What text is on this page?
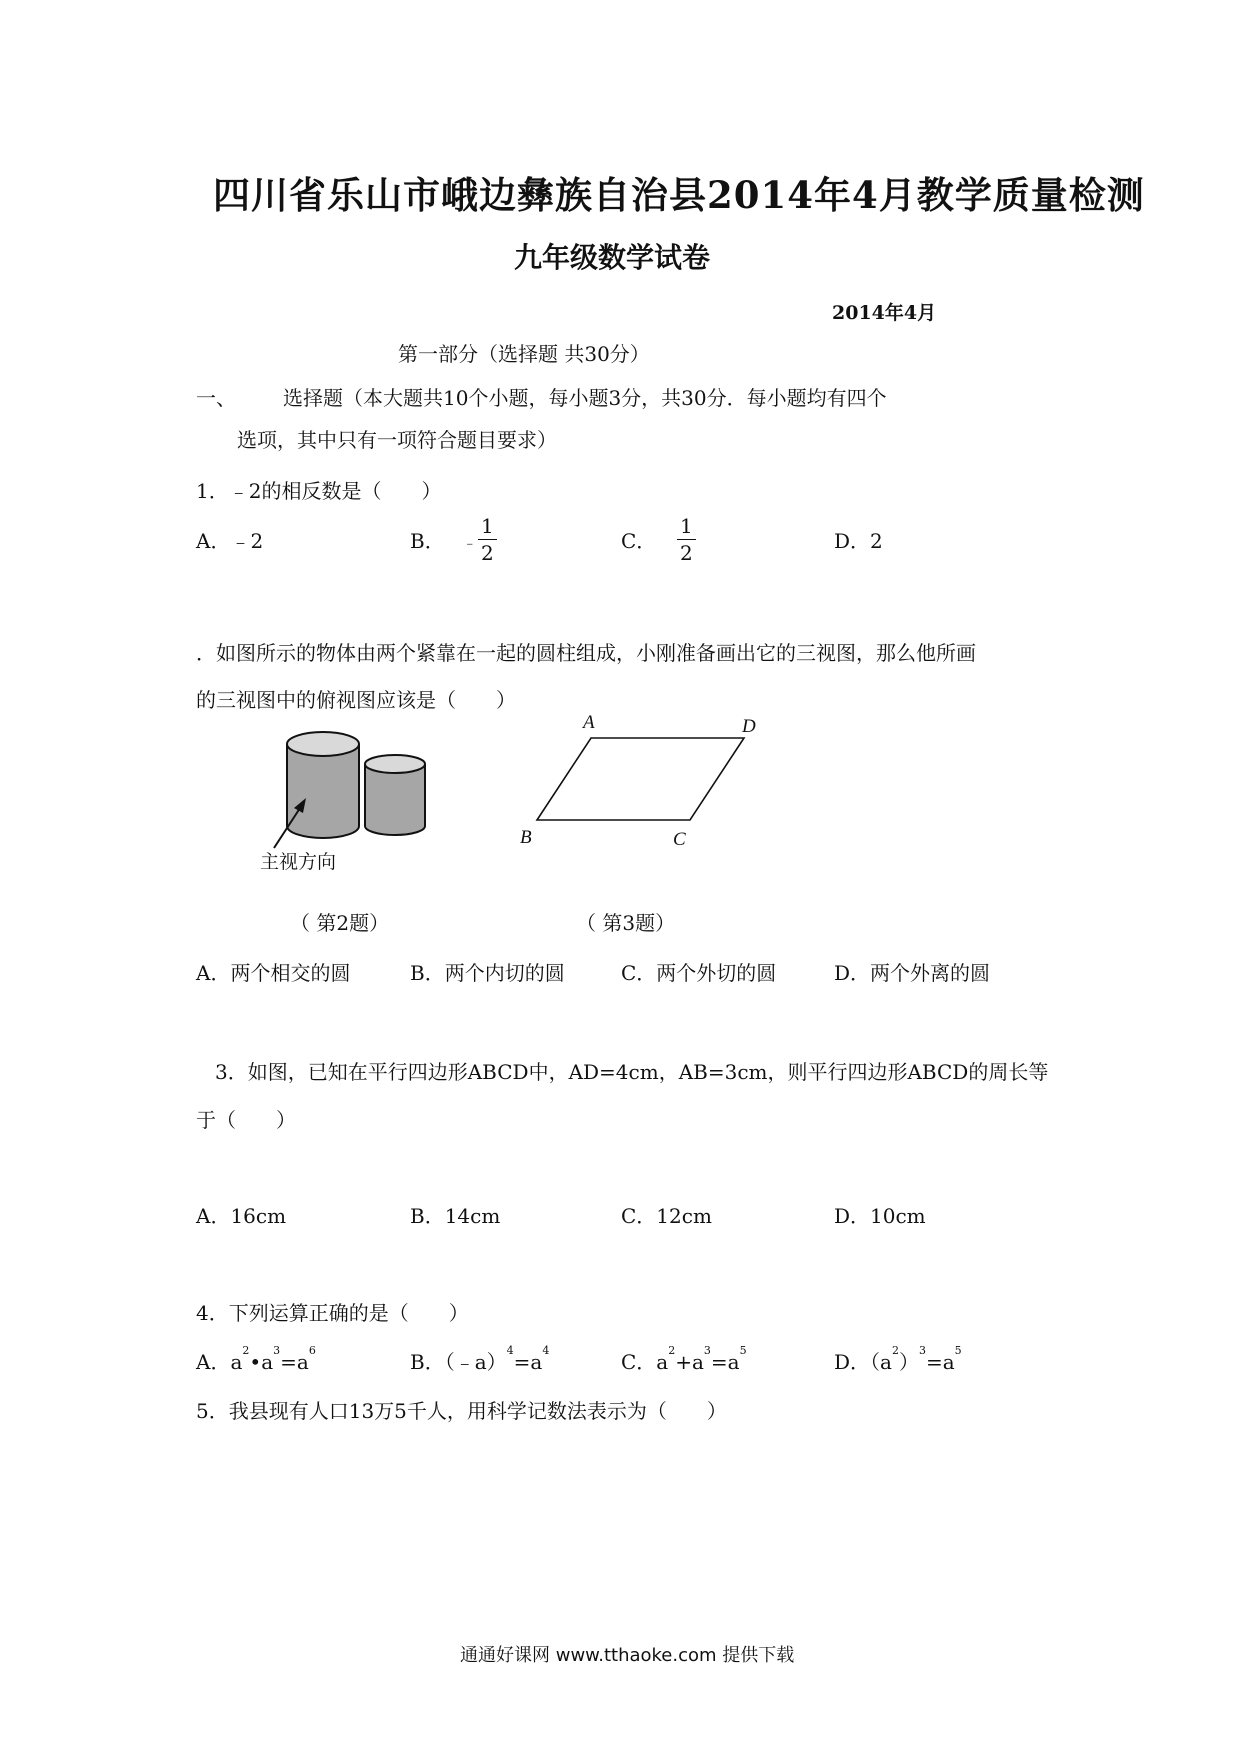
四川省乐山市峨边彝族自治县2014年4月教学质量检测
九年级数学试卷
2014年4月
第一部分（选择题 共30分）
一、 选择题（本大题共10个小题，每小题3分，共30分．每小题均有四个
选项，其中只有一项符合题目要求）
1．﹣2的相反数是（　　）
A．﹣2	B． ﹣ $\frac{1}{2}$	C． $\frac{1}{2}$	D．2
．如图所示的物体由两个紧靠在一起的圆柱组成，小刚准备画出它的三视图，那么他所画
的三视图中的俯视图应该是（　　）
主视方向
A	D
B	C
（ 第2题）	（ 第3题）
A．两个相交的圆	B．两个内切的圆	C．两个外切的圆	D．两个外离的圆
3．如图，已知在平行四边形ABCD中，AD=4cm，AB=3cm，则平行四边形ABCD的周长等
于（　　）
A．16cm	B．14cm	C．12cm	D．10cm
4．下列运算正确的是（　　）
A．$a^2•a^3=a^6$	B．$(﹣a)^4=a^4$	C．$a^2+a^3=a^5$	D．$(a^2)^3=a^5$
5．我县现有人口13万5千人，用科学记数法表示为（　　）
通通好课网 www.tthaoke.com 提供下载
